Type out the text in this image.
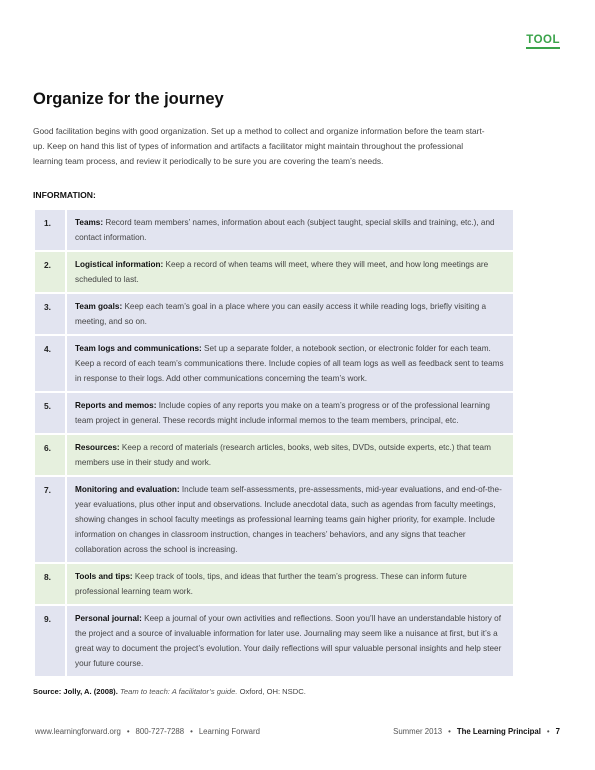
TOOL
Organize for the journey

Good facilitation begins with good organization. Set up a method to collect and organize information before the team start-up. Keep on hand this list of types of information and artifacts a facilitator might maintain throughout the professional learning team process, and review it periodically to be sure you are covering the team’s needs.

INFORMATION:
1.	Teams: Record team members’ names, information about each (subject taught, special skills and training, etc.), and contact information.
2.	Logistical information: Keep a record of when teams will meet, where they will meet, and how long meetings are scheduled to last.
3.	Team goals: Keep each team’s goal in a place where you can easily access it while reading logs, briefly visiting a meeting, and so on.
4.	Team logs and communications: Set up a separate folder, a notebook section, or electronic folder for each team. Keep a record of each team’s communications there. Include copies of all team logs as well as feedback sent to teams in response to their logs. Add other communications concerning the team’s work.
5.	Reports and memos: Include copies of any reports you make on a team’s progress or of the professional learning team project in general. These records might include informal memos to the team members, principal, etc.
6.	Resources: Keep a record of materials (research articles, books, web sites, DVDs, outside experts, etc.) that team members use in their study and work.
7.	Monitoring and evaluation: Include team self-assessments, pre-assessments, mid-year evaluations, and end-of-the-year evaluations, plus other input and observations. Include anecdotal data, such as agendas from faculty meetings, showing changes in school faculty meetings as professional learning teams gain higher priority, for example. Include information on changes in classroom instruction, changes in teachers’ behaviors, and any signs that teacher collaboration across the school is increasing.
8.	Tools and tips: Keep track of tools, tips, and ideas that further the team’s progress. These can inform future professional learning team work.
9.	Personal journal: Keep a journal of your own activities and reflections. Soon you’ll have an understandable history of the project and a source of invaluable information for later use. Journaling may seem like a nuisance at first, but it’s a great way to document the project’s evolution. Your daily reflections will spur valuable personal insights and help steer your future course.
Source: Jolly, A. (2008). Team to teach: A facilitator’s guide. Oxford, OH: NSDC.
www.learningforward.org • 800-727-7288 • Learning Forward	Summer 2013 • The Learning Principal • 7
